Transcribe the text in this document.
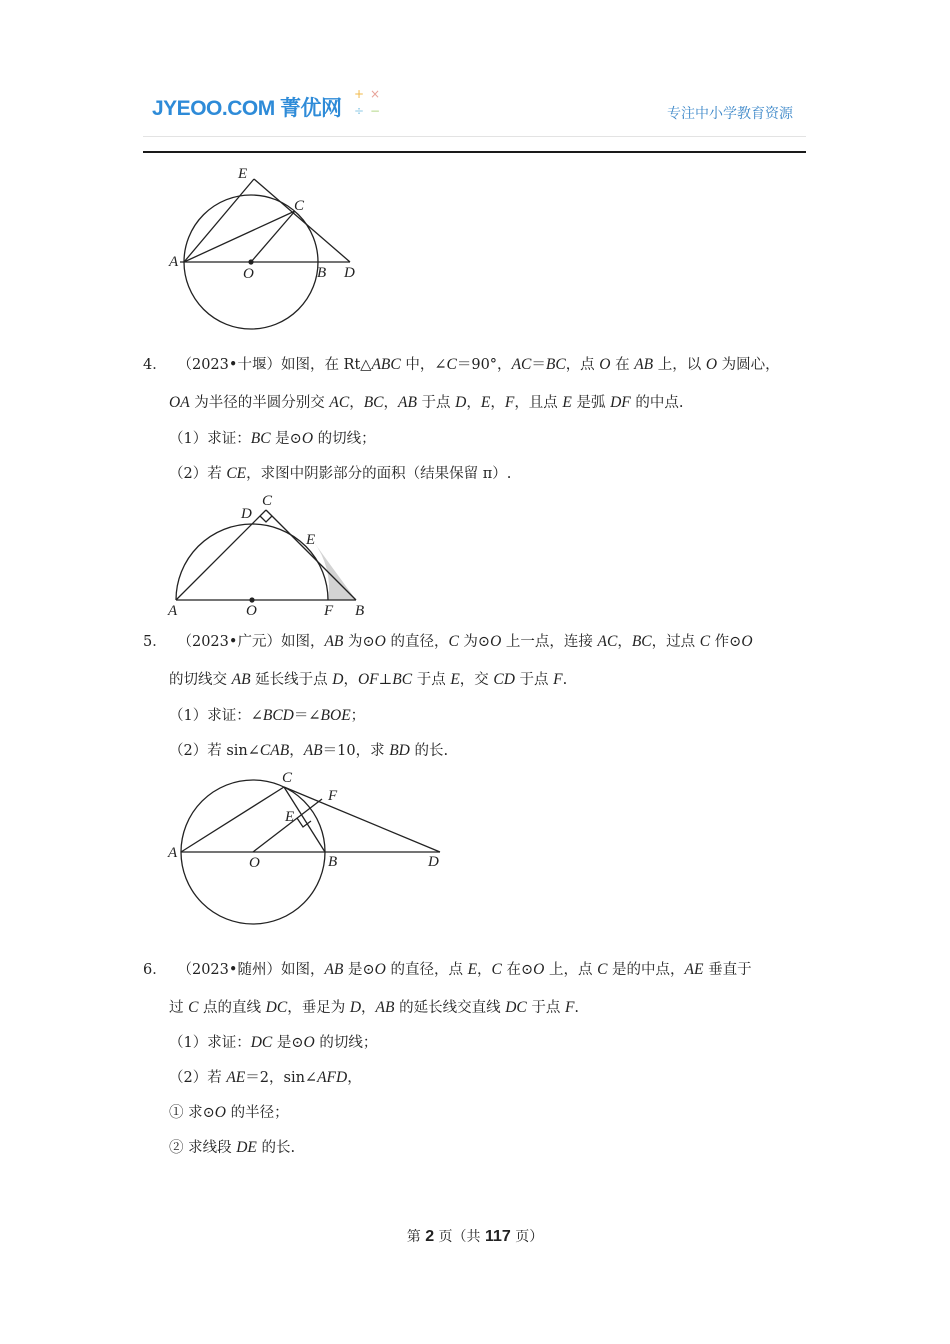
JYEOO.COM 菁优网
+ ×
÷ −	专注中小学教育资源
E
C
A
O	B D
4． （2023•十堰）如图，在 Rt△ABC 中，∠C＝90°，AC＝BC，点 O 在 AB 上，以 O 为圆心，
OA 为半径的半圆分别交 AC，BC，AB 于点 D，E，F，且点 E 是弧 DF 的中点.
（1）求证：BC 是⊙O 的切线；
（2）若 CE，求图中阴影部分的面积（结果保留 π）.
C
D
E
A	O	F B
5． （2023•广元）如图，AB 为⊙O 的直径，C 为⊙O 上一点，连接 AC，BC，过点 C 作⊙O
的切线交 AB 延长线于点 D，OF⊥BC 于点 E，交 CD 于点 F.
（1）求证：∠BCD＝∠BOE；
（2）若 sin∠CAB，AB＝10，求 BD 的长.
C
F
E
A
O	B	D
6． （2023•随州）如图，AB 是⊙O 的直径，点 E，C 在⊙O 上，点 C 是的中点，AE 垂直于
过 C 点的直线 DC，垂足为 D，AB 的延长线交直线 DC 于点 F.
（1）求证：DC 是⊙O 的切线；
（2）若 AE＝2，sin∠AFD，
① 求⊙O 的半径；
② 求线段 DE 的长.
第 2 页（共 117 页）
